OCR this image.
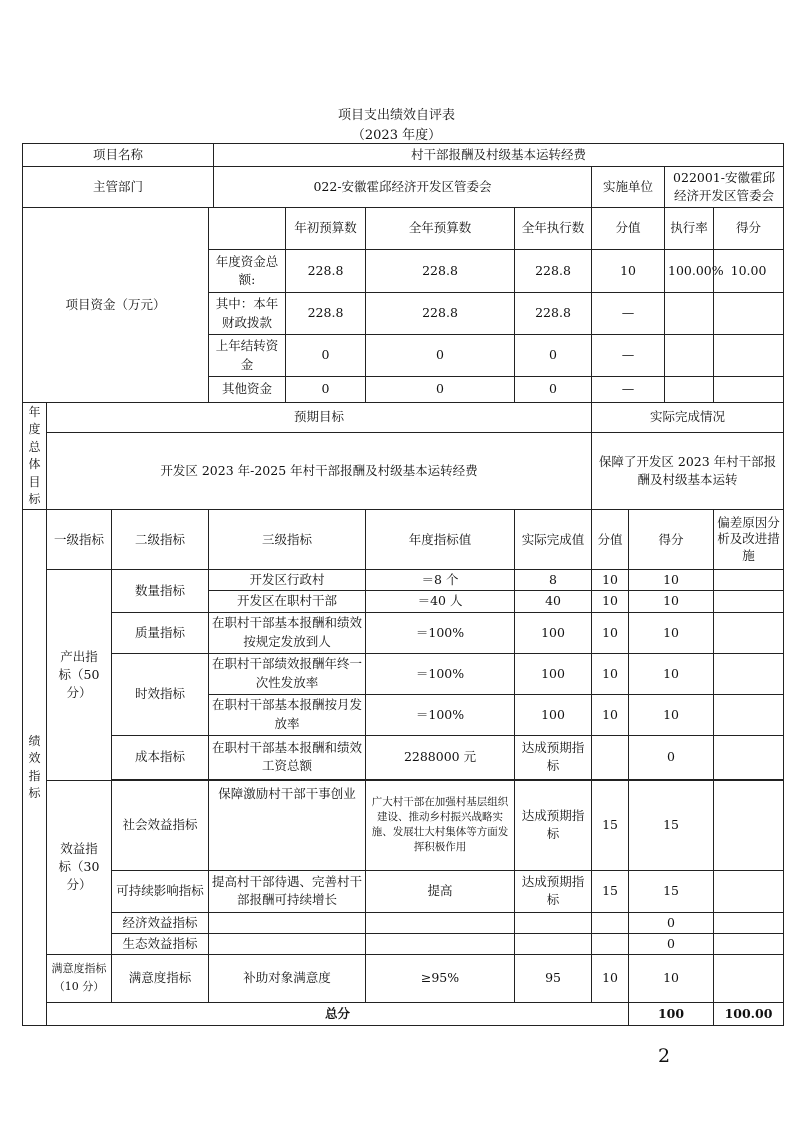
项目支出绩效自评表
（2023 年度）
项目名称				村干部报酬及村级基本运转经费								
主管部门				022-安徽霍邱经济开发区管委会				实施单位		022001-安徽霍邱经济开发区管委会		
项目资金（万元）					年初预算数	全年预算数	全年执行数	分值		执行率	得分	
			年度资金总额:		228.8	228.8	228.8	10		100.00%	10.00	
			其中：本年财政拨款		228.8	228.8	228.8	—				
			上年结转资金		0	0	0	—				
			其他资金		0	0	0	—				

年度总体目标	预期目标							实际完成情况				
	开发区 2023 年-2025 年村干部报酬及村级基本运转经费							保障了开发区 2023 年村干部报酬及村级基本运转				

绩效指标	一级指标	二级指标	三级指标			年度指标值	实际完成值	分值	得分		偏差原因分析及改进措施	
	产出指标（50 分）	数量指标	开发区行政村			＝8 个	8	10	10			
			开发区在职村干部			＝40 人	40	10	10			
		质量指标	在职村干部基本报酬和绩效按规定发放到人			＝100%	100	10	10			
		时效指标	在职村干部绩效报酬年终一次性发放率			＝100%	100	10	10			
			在职村干部基本报酬按月发放率			＝100%	100	10	10			
		成本指标	在职村干部基本报酬和绩效工资总额			2288000 元	达成预期指标		0			

	效益指标（30 分）	社会效益指标	保障激励村干部干事创业			广大村干部在加强村基层组织建设、推动乡村振兴战略实施、发展壮大村集体等方面发挥积极作用	达成预期指标	15	15			
		可持续影响指标	提高村干部待遇、完善村干部报酬可持续增长			提高	达成预期指标	15	15			
		经济效益指标							0			
		生态效益指标							0			
	满意度指标（10 分）	满意度指标	补助对象满意度			≥95%	95	10	10			
	总分								100		100.00	
2
